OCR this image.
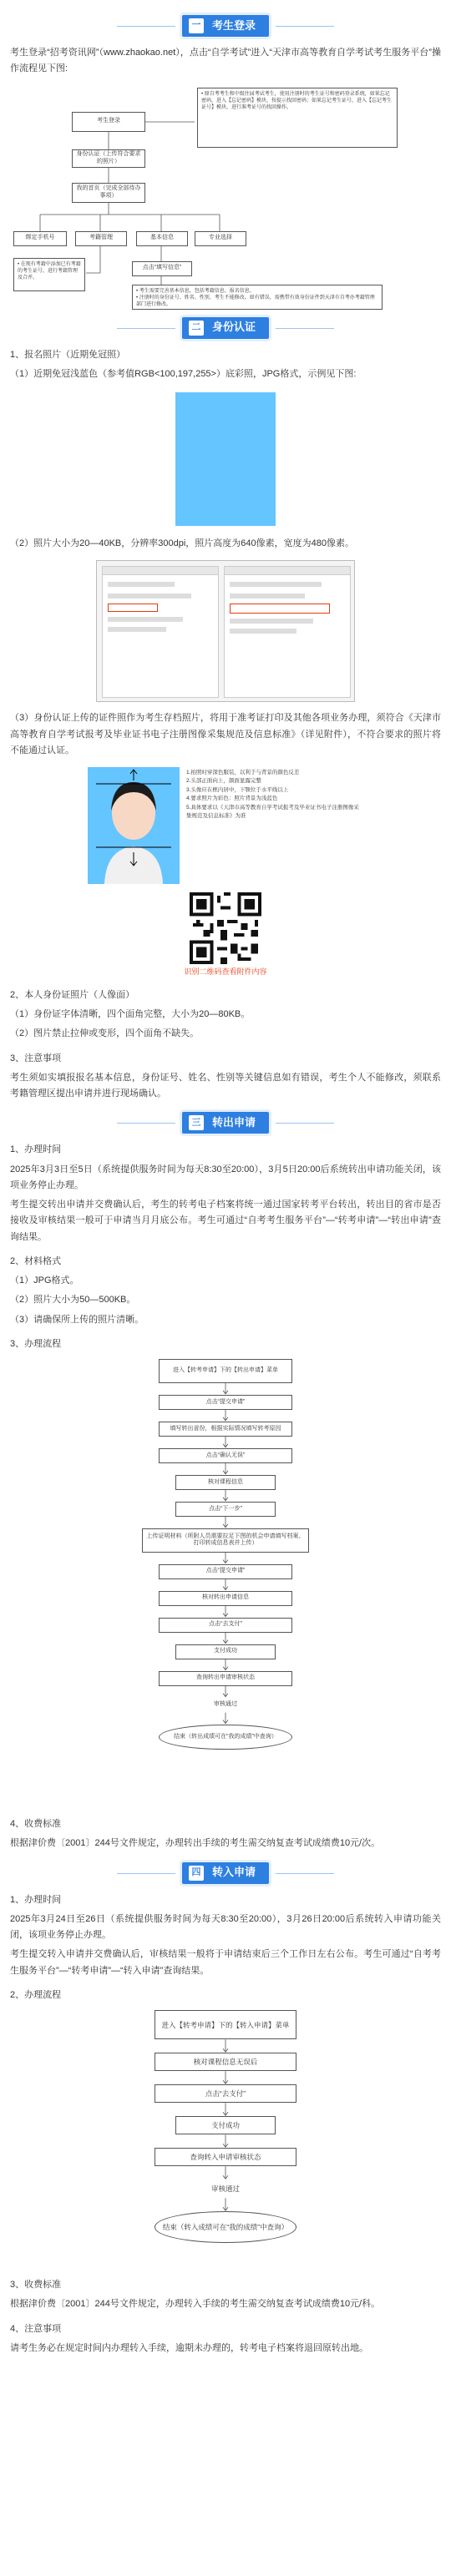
一 考生登录

考生登录“招考资讯网”（www.zhaokao.net），点击“自学考试”进入“天津市高等教育自学考试考生服务平台”操作流程见下图:

考生登录
• 原自考考生和中级往届考试考生，使用注册时的考生证号和密码登录系统，如果忘记密码，进入【忘记密码】模块，按提示找回密码；如果忘记考生证号，进入【忘记考生证号】模块，进行准考证号的找回操作。
身份认证（上传符合要求的照片）
我的首页（完成全部待办事项）
绑定手机号	考籍管理	基本信息	专业选择
• 在现有考籍中添加已有考籍的考生证号，进行考籍管理及合并。
点击“填写信息”
• 考生需要完善基本信息，包括考籍信息、报名信息。
• 注册时的身份证号、姓名、性别、考生不能修改。如有错误，需携带有效身份证件到天津市自考办考籍管理部门进行修改。
二 身份认证

1、报名照片（近期免冠照）

（1）近期免冠浅蓝色（参考值RGB<100,197,255>）底彩照，JPG格式，示例见下图:

（2）照片大小为20—40KB，分辨率300dpi，照片高度为640像素，宽度为480像素。

（3）身份认证上传的证件照作为考生存档照片，将用于准考证打印及其他各项业务办理，须符合《天津市高等教育自学考试报考及毕业证书电子注册图像采集规范及信息标准》（详见附件），不符合要求的照片将不能通过认证。

1.拍照时穿深色服装，以利于与背景的颜色反差
2.头部正面向上，颜面显露完整
3.头像应在框内居中，下颚位于水平线以上
4.要求照片为彩色：照片背景为浅蓝色
5.具体要求以《天津市高等教育自学考试报考及毕业证书电子注册图像采集规范及信息标准》为准

识别二维码查看附件内容

2、本人身份证照片（人像面）

（1）身份证字体清晰，四个面角完整，大小为20—80KB。

（2）图片禁止拉伸或变形，四个面角不缺失。

3、注意事项

考生须如实填报报名基本信息，身份证号、姓名、性别等关键信息如有错误，考生个人不能修改，须联系考籍管理区提出申请并进行现场确认。

三 转出申请

1、办理时间

2025年3月3日至5日（系统提供服务时间为每天8:30至20:00），3月5日20:00后系统转出申请功能关闭，该项业务停止办理。

考生提交转出申请并交费确认后，考生的转考电子档案将统一通过国家转考平台转出，转出目的省市是否接收及审核结果一般可于申请当月月底公布。考生可通过“自考考生服务平台”—“转考申请”—“转出申请”查询结果。

2、材料格式

（1）JPG格式。

（2）照片大小为50—500KB。

（3）请确保所上传的照片清晰。

3、办理流程

进入【转考申请】下的【转出申请】菜单
点击“提交申请”
填写转出省份，根据实际情况填写转考原因
点击“确认无误”
核对课程信息
点击“下一步”
上传证明材料（所附人员需要拉足下图的机会申请填写档案、打印转成信息表并上传）
点击“提交申请”
核对转出申请信息
点击“去支付”
支付成功
查询转出申请审核状态
审核通过
结束（转出成绩可在“我的成绩”中查询）

4、收费标准

根据津价费〔2001〕244号文件规定，办理转出手续的考生需交纳复查考试成绩费10元/次。

四 转入申请

1、办理时间

2025年3月24日至26日（系统提供服务时间为每天8:30至20:00），3月26日20:00后系统转入申请功能关闭，该项业务停止办理。

考生提交转入申请并交费确认后，审核结果一般将于申请结束后三个工作日左右公布。考生可通过“自考考生服务平台”—“转考申请”—“转入申请”查询结果。

2、办理流程

进入【转考申请】下的【转入申请】菜单
核对课程信息无误后
点击“去支付”
支付成功
查询转入申请审核状态
审核通过
结束（转入成绩可在“我的成绩”中查询）

3、收费标准

根据津价费〔2001〕244号文件规定，办理转入手续的考生需交纳复查考试成绩费10元/科。

4、注意事项

请考生务必在规定时间内办理转入手续，逾期未办理的，转考电子档案将退回原转出地。
